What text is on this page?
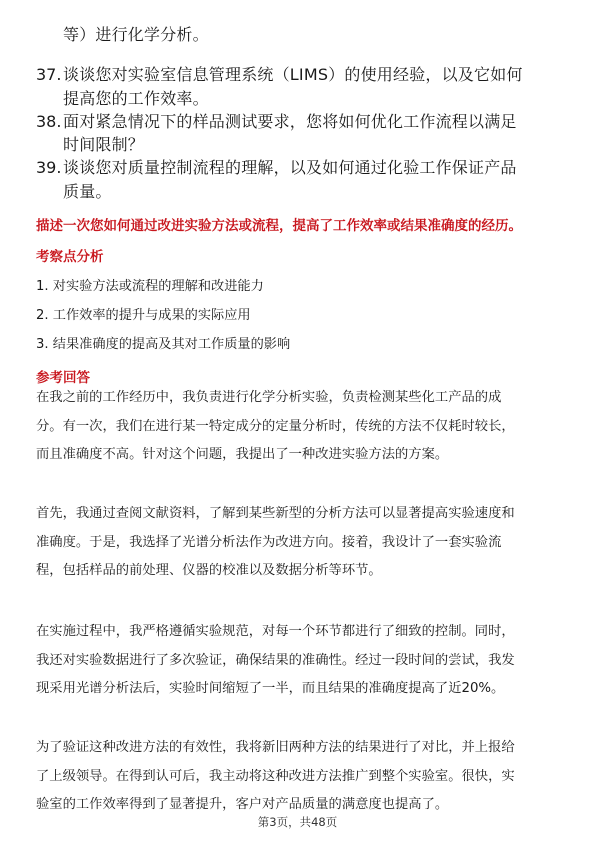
等）进行化学分析。
37. 谈谈您对实验室信息管理系统（LIMS）的使用经验，以及它如何
提高您的工作效率。
38. 面对紧急情况下的样品测试要求，您将如何优化工作流程以满足
时间限制？
39. 谈谈您对质量控制流程的理解，以及如何通过化验工作保证产品
质量。
描述一次您如何通过改进实验方法或流程，提高了工作效率或结果准确度的经历。
考察点分析
1. 对实验方法或流程的理解和改进能力
2. 工作效率的提升与成果的实际应用
3. 结果准确度的提高及其对工作质量的影响
参考回答
在我之前的工作经历中，我负责进行化学分析实验，负责检测某些化工产品的成
分。有一次，我们在进行某一特定成分的定量分析时，传统的方法不仅耗时较长，
而且准确度不高。针对这个问题，我提出了一种改进实验方法的方案。
首先，我通过查阅文献资料，了解到某些新型的分析方法可以显著提高实验速度和
准确度。于是，我选择了光谱分析法作为改进方向。接着，我设计了一套实验流
程，包括样品的前处理、仪器的校准以及数据分析等环节。
在实施过程中，我严格遵循实验规范，对每一个环节都进行了细致的控制。同时，
我还对实验数据进行了多次验证，确保结果的准确性。经过一段时间的尝试，我发
现采用光谱分析法后，实验时间缩短了一半，而且结果的准确度提高了近20%。
为了验证这种改进方法的有效性，我将新旧两种方法的结果进行了对比，并上报给
了上级领导。在得到认可后，我主动将这种改进方法推广到整个实验室。很快，实
验室的工作效率得到了显著提升，客户对产品质量的满意度也提高了。
第3页，共48页
